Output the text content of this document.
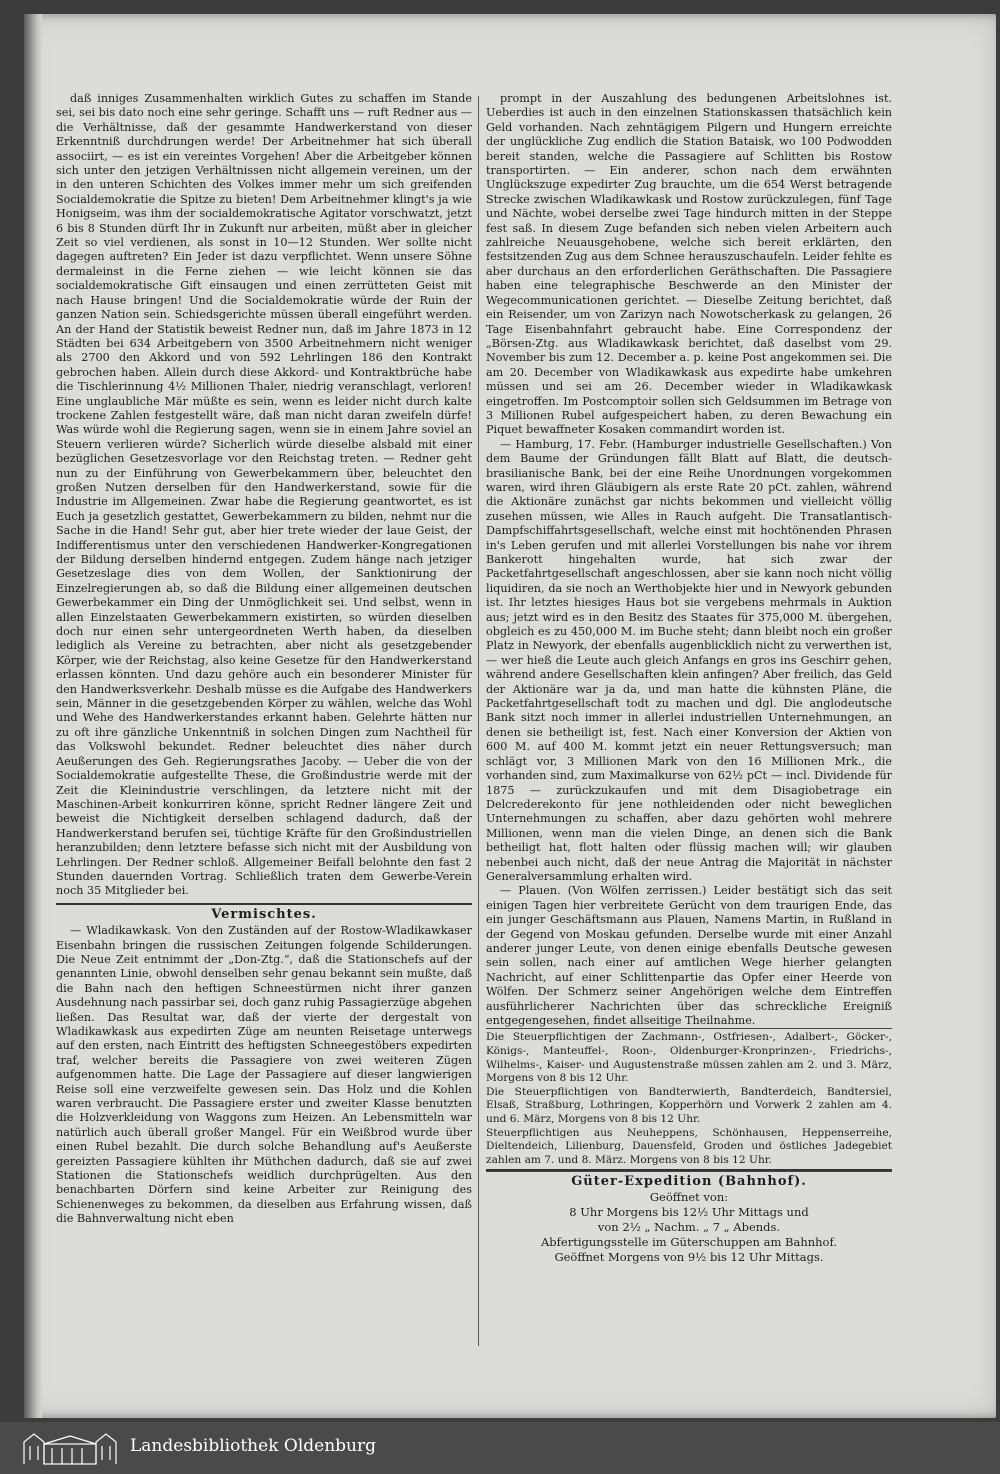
daß inniges Zusammenhalten wirklich Gutes zu schaffen im Stande sei, sei bis dato noch eine sehr geringe. Schafft uns — ruft Redner aus — die Verhältnisse, daß der gesammte Handwerkerstand von dieser Erkenntniß durchdrungen werde! Der Arbeitnehmer hat sich überall associirt, — es ist ein vereintes Vorgehen! Aber die Arbeitgeber können sich unter den jetzigen Verhältnissen nicht allgemein vereinen, um der in den unteren Schichten des Volkes immer mehr um sich greifenden Socialdemokratie die Spitze zu bieten! Dem Arbeitnehmer klingt's ja wie Honigseim, was ihm der socialdemokratische Agitator vorschwatzt, jetzt 6 bis 8 Stunden dürft Ihr in Zukunft nur arbeiten, müßt aber in gleicher Zeit so viel verdienen, als sonst in 10—12 Stunden. Wer sollte nicht dagegen auftreten? Ein Jeder ist dazu verpflichtet. Wenn unsere Söhne dermaleinst in die Ferne ziehen — wie leicht können sie das socialdemokratische Gift einsaugen und einen zerrütteten Geist mit nach Hause bringen! Und die Socialdemokratie würde der Ruin der ganzen Nation sein. Schiedsgerichte müssen überall eingeführt werden. An der Hand der Statistik beweist Redner nun, daß im Jahre 1873 in 12 Städten bei 634 Arbeitgebern von 3500 Arbeitnehmern nicht weniger als 2700 den Akkord und von 592 Lehrlingen 186 den Kontrakt gebrochen haben. Allein durch diese Akkord- und Kontraktbrüche habe die Tischlerinnung 4½ Millionen Thaler, niedrig veranschlagt, verloren! Eine unglaubliche Mär müßte es sein, wenn es leider nicht durch kalte trockene Zahlen festgestellt wäre, daß man nicht daran zweifeln dürfe! Was würde wohl die Regierung sagen, wenn sie in einem Jahre soviel an Steuern verlieren würde? Sicherlich würde dieselbe alsbald mit einer bezüglichen Gesetzesvorlage vor den Reichstag treten. — Redner geht nun zu der Einführung von Gewerbekammern über, beleuchtet den großen Nutzen derselben für den Handwerkerstand, sowie für die Industrie im Allgemeinen. Zwar habe die Regierung geantwortet, es ist Euch ja gesetzlich gestattet, Gewerbekammern zu bilden, nehmt nur die Sache in die Hand! Sehr gut, aber hier trete wieder der laue Geist, der Indifferentismus unter den verschiedenen Handwerker-Kongregationen der Bildung derselben hindernd entgegen. Zudem hänge nach jetziger Gesetzeslage dies von dem Wollen, der Sanktionirung der Einzelregierungen ab, so daß die Bildung einer allgemeinen deutschen Gewerbekammer ein Ding der Unmöglichkeit sei. Und selbst, wenn in allen Einzelstaaten Gewerbekammern existirten, so würden dieselben doch nur einen sehr untergeordneten Werth haben, da dieselben lediglich als Vereine zu betrachten, aber nicht als gesetzgebender Körper, wie der Reichstag, also keine Gesetze für den Handwerkerstand erlassen könnten. Und dazu gehöre auch ein besonderer Minister für den Handwerksverkehr. Deshalb müsse es die Aufgabe des Handwerkers sein, Männer in die gesetzgebenden Körper zu wählen, welche das Wohl und Wehe des Handwerkerstandes erkannt haben. Gelehrte hätten nur zu oft ihre gänzliche Unkenntniß in solchen Dingen zum Nachtheil für das Volkswohl bekundet. Redner beleuchtet dies näher durch Aeußerungen des Geh. Regierungsrathes Jacoby. — Ueber die von der Socialdemokratie aufgestellte These, die Großindustrie werde mit der Zeit die Kleinindustrie verschlingen, da letztere nicht mit der Maschinen-Arbeit konkurriren könne, spricht Redner längere Zeit und beweist die Nichtigkeit derselben schlagend dadurch, daß der Handwerkerstand berufen sei, tüchtige Kräfte für den Großindustriellen heranzubilden; denn letztere befasse sich nicht mit der Ausbildung von Lehrlingen. Der Redner schloß. Allgemeiner Beifall belohnte den fast 2 Stunden dauernden Vortrag. Schließlich traten dem Gewerbe-Verein noch 35 Mitglieder bei.

Vermischtes.

— Wladikawkask. Von den Zuständen auf der Rostow-Wladikawkaser Eisenbahn bringen die russischen Zeitungen folgende Schilderungen. Die Neue Zeit entnimmt der „Don-Ztg.“, daß die Stationschefs auf der genannten Linie, obwohl denselben sehr genau bekannt sein mußte, daß die Bahn nach den heftigen Schneestürmen nicht ihrer ganzen Ausdehnung nach passirbar sei, doch ganz ruhig Passagierzüge abgehen ließen. Das Resultat war, daß der vierte der dergestalt von Wladikawkask aus expedirten Züge am neunten Reisetage unterwegs auf den ersten, nach Eintritt des heftigsten Schneegestöbers expedirten traf, welcher bereits die Passagiere von zwei weiteren Zügen aufgenommen hatte. Die Lage der Passagiere auf dieser langwierigen Reise soll eine verzweifelte gewesen sein. Das Holz und die Kohlen waren verbraucht. Die Passagiere erster und zweiter Klasse benutzten die Holzverkleidung von Waggons zum Heizen. An Lebensmitteln war natürlich auch überall großer Mangel. Für ein Weißbrod wurde über einen Rubel bezahlt. Die durch solche Behandlung auf's Aeußerste gereizten Passagiere kühlten ihr Müthchen dadurch, daß sie auf zwei Stationen die Stationschefs weidlich durchprügelten. Aus den benachbarten Dörfern sind keine Arbeiter zur Reinigung des Schienenweges zu bekommen, da dieselben aus Erfahrung wissen, daß die Bahnverwaltung nicht eben

prompt in der Auszahlung des bedungenen Arbeitslohnes ist. Ueberdies ist auch in den einzelnen Stationskassen thatsächlich kein Geld vorhanden. Nach zehntägigem Pilgern und Hungern erreichte der unglückliche Zug endlich die Station Bataisk, wo 100 Podwodden bereit standen, welche die Passagiere auf Schlitten bis Rostow transportirten. — Ein anderer, schon nach dem erwähnten Unglückszuge expedirter Zug brauchte, um die 654 Werst betragende Strecke zwischen Wladikawkask und Rostow zurückzulegen, fünf Tage und Nächte, wobei derselbe zwei Tage hindurch mitten in der Steppe fest saß. In diesem Zuge befanden sich neben vielen Arbeitern auch zahlreiche Neuausgehobene, welche sich bereit erklärten, den festsitzenden Zug aus dem Schnee herauszuschaufeln. Leider fehlte es aber durchaus an den erforderlichen Geräthschaften. Die Passagiere haben eine telegraphische Beschwerde an den Minister der Wegecommunicationen gerichtet. — Dieselbe Zeitung berichtet, daß ein Reisender, um von Zarizyn nach Nowotscherkask zu gelangen, 26 Tage Eisenbahnfahrt gebraucht habe. Eine Correspondenz der „Börsen-Ztg. aus Wladikawkask berichtet, daß daselbst vom 29. November bis zum 12. December a. p. keine Post angekommen sei. Die am 20. December von Wladikawkask aus expedirte habe umkehren müssen und sei am 26. December wieder in Wladikawkask eingetroffen. Im Postcomptoir sollen sich Geldsummen im Betrage von 3 Millionen Rubel aufgespeichert haben, zu deren Bewachung ein Piquet bewaffneter Kosaken commandirt worden ist.

— Hamburg, 17. Febr. (Hamburger industrielle Gesellschaften.) Von dem Baume der Gründungen fällt Blatt auf Blatt, die deutsch-brasilianische Bank, bei der eine Reihe Unordnungen vorgekommen waren, wird ihren Gläubigern als erste Rate 20 pCt. zahlen, während die Aktionäre zunächst gar nichts bekommen und vielleicht völlig zusehen müssen, wie Alles in Rauch aufgeht. Die Transatlantisch-Dampfschiffahrtsgesellschaft, welche einst mit hochtönenden Phrasen in's Leben gerufen und mit allerlei Vorstellungen bis nahe vor ihrem Bankerott hingehalten wurde, hat sich zwar der Packetfahrtgesellschaft angeschlossen, aber sie kann noch nicht völlig liquidiren, da sie noch an Werthobjekte hier und in Newyork gebunden ist. Ihr letztes hiesiges Haus bot sie vergebens mehrmals in Auktion aus; jetzt wird es in den Besitz des Staates für 375,000 M. übergehen, obgleich es zu 450,000 M. im Buche steht; dann bleibt noch ein großer Platz in Newyork, der ebenfalls augenblicklich nicht zu verwerthen ist, — wer hieß die Leute auch gleich Anfangs en gros ins Geschirr gehen, während andere Gesellschaften klein anfingen? Aber freilich, das Geld der Aktionäre war ja da, und man hatte die kühnsten Pläne, die Packetfahrtgesellschaft todt zu machen und dgl. Die anglodeutsche Bank sitzt noch immer in allerlei industriellen Unternehmungen, an denen sie betheiligt ist, fest. Nach einer Konversion der Aktien von 600 M. auf 400 M. kommt jetzt ein neuer Rettungsversuch; man schlägt vor, 3 Millionen Mark von den 16 Millionen Mrk., die vorhanden sind, zum Maximalkurse von 62½ pCt — incl. Dividende für 1875 — zurückzukaufen und mit dem Disagiobetrage ein Delcrederekonto für jene nothleidenden oder nicht beweglichen Unternehmungen zu schaffen, aber dazu gehörten wohl mehrere Millionen, wenn man die vielen Dinge, an denen sich die Bank betheiligt hat, flott halten oder flüssig machen will; wir glauben nebenbei auch nicht, daß der neue Antrag die Majorität in nächster Generalversammlung erhalten wird.

— Plauen. (Von Wölfen zerrissen.) Leider bestätigt sich das seit einigen Tagen hier verbreitete Gerücht von dem traurigen Ende, das ein junger Geschäftsmann aus Plauen, Namens Martin, in Rußland in der Gegend von Moskau gefunden. Derselbe wurde mit einer Anzahl anderer junger Leute, von denen einige ebenfalls Deutsche gewesen sein sollen, nach einer auf amtlichen Wege hierher gelangten Nachricht, auf einer Schlittenpartie das Opfer einer Heerde von Wölfen. Der Schmerz seiner Angehörigen welche dem Eintreffen ausführlicherer Nachrichten über das schreckliche Ereigniß entgegengesehen, findet allseitige Theilnahme.

Die Steuerpflichtigen der Zachmann-, Ostfriesen-, Adalbert-, Göcker-, Königs-, Manteuffel-, Roon-, Oldenburger-Kronprinzen-, Friedrichs-, Wilhelms-, Kaiser- und Augustenstraße müssen zahlen am 2. und 3. März, Morgens von 8 bis 12 Uhr.

Die Steuerpflichtigen von Bandterwierth, Bandterdeich, Bandtersiel, Elsaß, Straßburg, Lothringen, Kopperhörn und Vorwerk 2 zahlen am 4. und 6. März, Morgens von 8 bis 12 Uhr.

Steuerpflichtigen aus Neuheppens, Schönhausen, Heppenserreihe, Dieltendeich, Lilienburg, Dauensfeld, Groden und östliches Jadegebiet zahlen am 7. und 8. März. Morgens von 8 bis 12 Uhr.

Güter-Expedition (Bahnhof).
Geöffnet von:
8 Uhr Morgens bis 12½ Uhr Mittags und
von 2½ „ Nachm. „ 7 „ Abends.
Abfertigungsstelle im Güterschuppen am Bahnhof.
Geöffnet Morgens von 9½ bis 12 Uhr Mittags.
Landesbibliothek Oldenburg
